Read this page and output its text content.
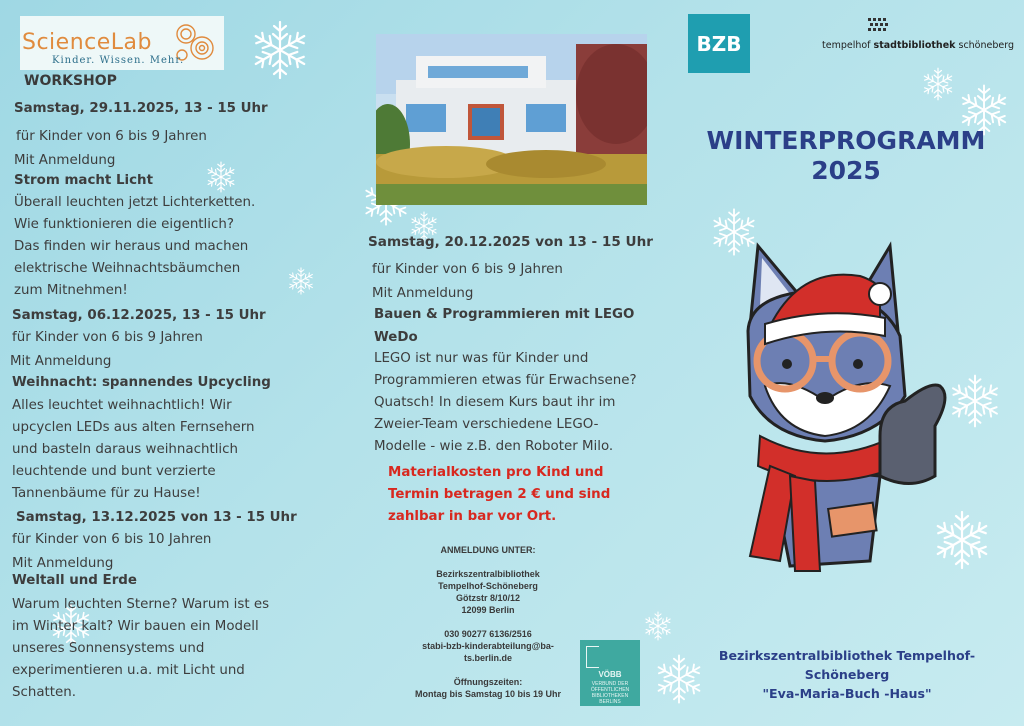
ScienceLab
Kinder. Wissen. Mehr.
WORKSHOP
Samstag, 29.11.2025, 13 - 15 Uhr
für Kinder von 6 bis 9 Jahren
Mit Anmeldung
Strom macht Licht
Überall leuchten jetzt Lichterketten.
Wie funktionieren die eigentlich?
Das finden wir heraus und machen
elektrische Weihnachtsbäumchen
zum Mitnehmen!
Samstag, 06.12.2025, 13 - 15 Uhr
für Kinder von 6 bis 9 Jahren
Mit Anmeldung
Weihnacht: spannendes Upcycling
Alles leuchtet weihnachtlich! Wir
upcyclen LEDs aus alten Fernsehern
und basteln daraus weihnachtlich
leuchtende und bunt verzierte
Tannenbäume für zu Hause!
Samstag, 13.12.2025 von 13 - 15 Uhr
für Kinder von 6 bis 10 Jahren
Mit Anmeldung
Weltall und Erde
Warum leuchten Sterne? Warum ist es
im Winter kalt? Wir bauen ein Modell
unseres Sonnensystems und
experimentieren u.a. mit Licht und
Schatten.
Samstag, 20.12.2025 von 13 - 15 Uhr
für Kinder von 6 bis 9 Jahren
Mit Anmeldung
Bauen & Programmieren mit LEGO
WeDo
LEGO ist nur was für Kinder und
Programmieren etwas für Erwachsene?
Quatsch! In diesem Kurs baut ihr im
Zweier-Team verschiedene LEGO-
Modelle - wie z.B. den Roboter Milo.
Materialkosten pro Kind und
Termin betragen 2 € und sind
zahlbar in bar vor Ort.
ANMELDUNG UNTER:
Bezirkszentralbibliothek
Tempelhof-Schöneberg
Götzstr 8/10/12
12099 Berlin
030 90277 6136/2516
stabi-bzb-kinderabteilung@ba-
ts.berlin.de
Öffnungszeiten:
Montag bis Samstag 10 bis 19 Uhr
VÖBB
VERBUND DER
ÖFFENTLICHEN
BIBLIOTHEKEN
BERLINS
BZB	tempelhof stadtbibliothek schöneberg
WINTERPROGRAMM
2025
Bezirkszentralbibliothek Tempelhof-Schöneberg
"Eva-Maria-Buch -Haus"
